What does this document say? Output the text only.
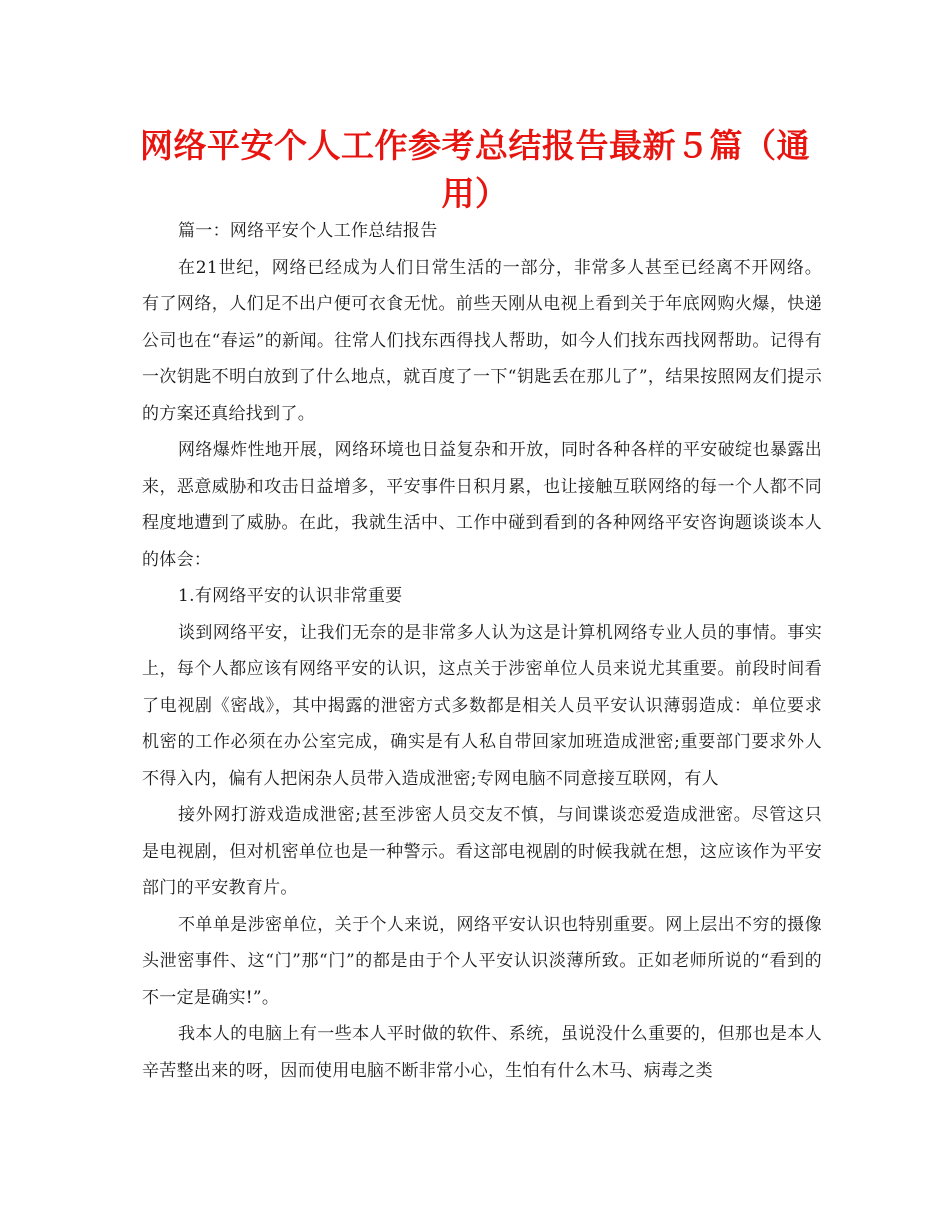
网络平安个人工作参考总结报告最新５篇（通用）

篇一：网络平安个人工作总结报告

在21世纪，网络已经成为人们日常生活的一部分，非常多人甚至已经离不开网络。有了网络，人们足不出户便可衣食无忧。前些天刚从电视上看到关于年底网购火爆，快递公司也在“春运”的新闻。往常人们找东西得找人帮助，如今人们找东西找网帮助。记得有一次钥匙不明白放到了什么地点，就百度了一下“钥匙丢在那儿了”，结果按照网友们提示的方案还真给找到了。

网络爆炸性地开展，网络环境也日益复杂和开放，同时各种各样的平安破绽也暴露出来，恶意威胁和攻击日益增多，平安事件日积月累，也让接触互联网络的每一个人都不同程度地遭到了威胁。在此，我就生活中、工作中碰到看到的各种网络平安咨询题谈谈本人的体会：

1.有网络平安的认识非常重要

谈到网络平安，让我们无奈的是非常多人认为这是计算机网络专业人员的事情。事实上，每个人都应该有网络平安的认识，这点关于涉密单位人员来说尤其重要。前段时间看了电视剧《密战》，其中揭露的泄密方式多数都是相关人员平安认识薄弱造成：单位要求机密的工作必须在办公室完成，确实是有人私自带回家加班造成泄密;重要部门要求外人不得入内，偏有人把闲杂人员带入造成泄密;专网电脑不同意接互联网，有人

接外网打游戏造成泄密;甚至涉密人员交友不慎，与间谍谈恋爱造成泄密。尽管这只是电视剧，但对机密单位也是一种警示。看这部电视剧的时候我就在想，这应该作为平安部门的平安教育片。

不单单是涉密单位，关于个人来说，网络平安认识也特别重要。网上层出不穷的摄像头泄密事件、这“门”那“门”的都是由于个人平安认识淡薄所致。正如老师所说的“看到的不一定是确实!”。

我本人的电脑上有一些本人平时做的软件、系统，虽说没什么重要的，但那也是本人辛苦整出来的呀，因而使用电脑不断非常小心，生怕有什么木马、病毒之类
